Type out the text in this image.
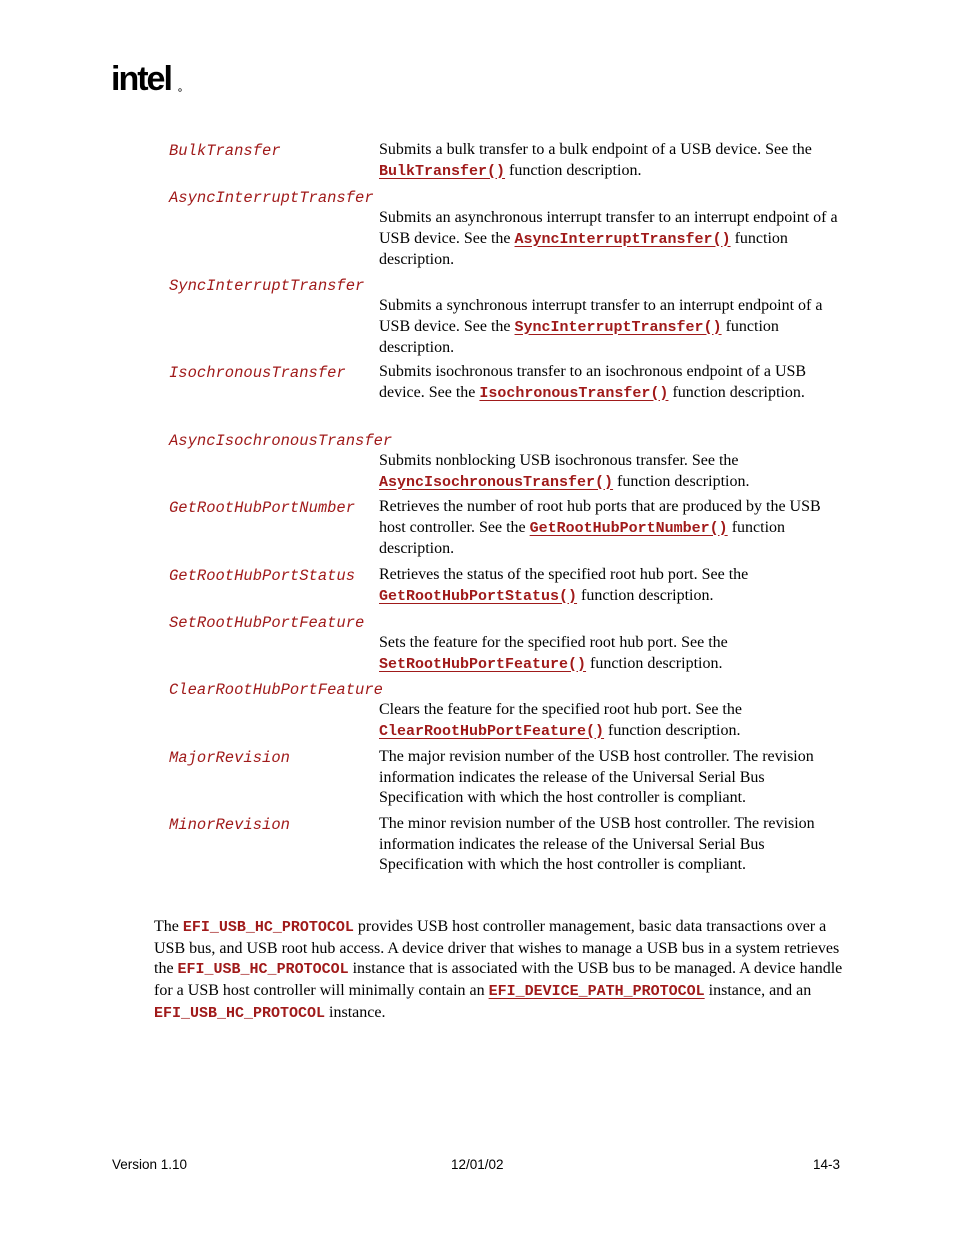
intel
BulkTransfer	Submits a bulk transfer to a bulk endpoint of a USB device. See the BulkTransfer() function description.
AsyncInterruptTransfer
Submits an asynchronous interrupt transfer to an interrupt endpoint of a USB device. See the AsyncInterruptTransfer() function description.
SyncInterruptTransfer
Submits a synchronous interrupt transfer to an interrupt endpoint of a USB device. See the SyncInterruptTransfer() function description.
IsochronousTransfer Submits isochronous transfer to an isochronous endpoint of a USB device. See the IsochronousTransfer() function description.
AsyncIsochronousTransfer
Submits nonblocking USB isochronous transfer. See the AsyncIsochronousTransfer() function description.
GetRootHubPortNumber Retrieves the number of root hub ports that are produced by the USB host controller. See the GetRootHubPortNumber() function description.
GetRootHubPortStatus Retrieves the status of the specified root hub port. See the GetRootHubPortStatus() function description.
SetRootHubPortFeature
Sets the feature for the specified root hub port. See the SetRootHubPortFeature() function description.
ClearRootHubPortFeature
Clears the feature for the specified root hub port. See the ClearRootHubPortFeature() function description.
MajorRevision	The major revision number of the USB host controller. The revision information indicates the release of the Universal Serial Bus Specification with which the host controller is compliant.
MinorRevision	The minor revision number of the USB host controller. The revision information indicates the release of the Universal Serial Bus Specification with which the host controller is compliant.
The EFI_USB_HC_PROTOCOL provides USB host controller management, basic data transactions over a USB bus, and USB root hub access. A device driver that wishes to manage a USB bus in a system retrieves the EFI_USB_HC_PROTOCOL instance that is associated with the USB bus to be managed. A device handle for a USB host controller will minimally contain an EFI_DEVICE_PATH_PROTOCOL instance, and an EFI_USB_HC_PROTOCOL instance.
Version 1.10	12/01/02	14-3
